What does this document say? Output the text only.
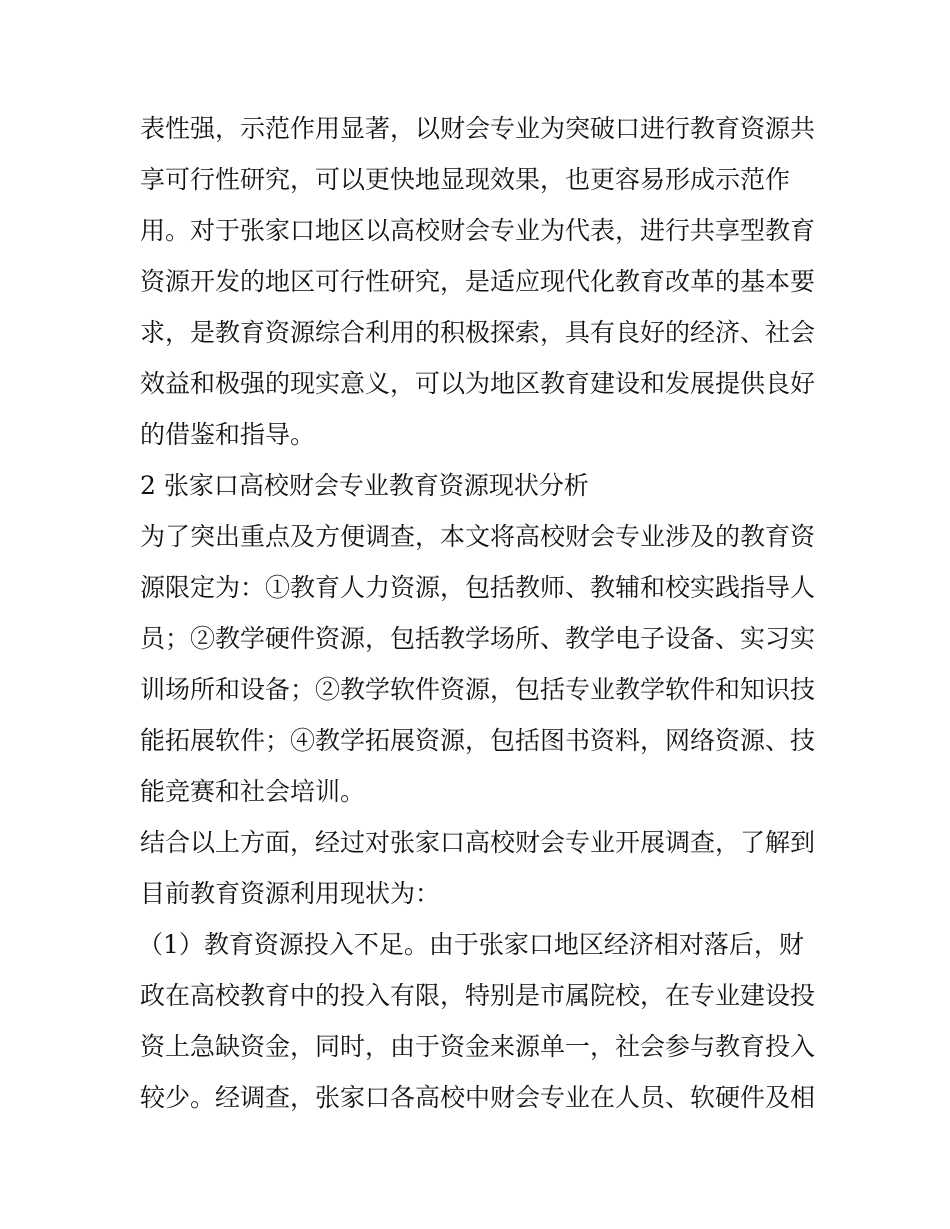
表性强，示范作用显著，以财会专业为突破口进行教育资源共
享可行性研究，可以更快地显现效果，也更容易形成示范作
用。对于张家口地区以高校财会专业为代表，进行共享型教育
资源开发的地区可行性研究，是适应现代化教育改革的基本要
求，是教育资源综合利用的积极探索，具有良好的经济、社会
效益和极强的现实意义，可以为地区教育建设和发展提供良好
的借鉴和指导。
2 张家口高校财会专业教育资源现状分析
为了突出重点及方便调查，本文将高校财会专业涉及的教育资
源限定为：①教育人力资源，包括教师、教辅和校实践指导人
员；②教学硬件资源，包括教学场所、教学电子设备、实习实
训场所和设备；②教学软件资源，包括专业教学软件和知识技
能拓展软件；④教学拓展资源，包括图书资料，网络资源、技
能竞赛和社会培训。
结合以上方面，经过对张家口高校财会专业开展调查，了解到
目前教育资源利用现状为：
（1）教育资源投入不足。由于张家口地区经济相对落后，财
政在高校教育中的投入有限，特别是市属院校，在专业建设投
资上急缺资金，同时，由于资金来源单一，社会参与教育投入
较少。经调查，张家口各高校中财会专业在人员、软硬件及相
